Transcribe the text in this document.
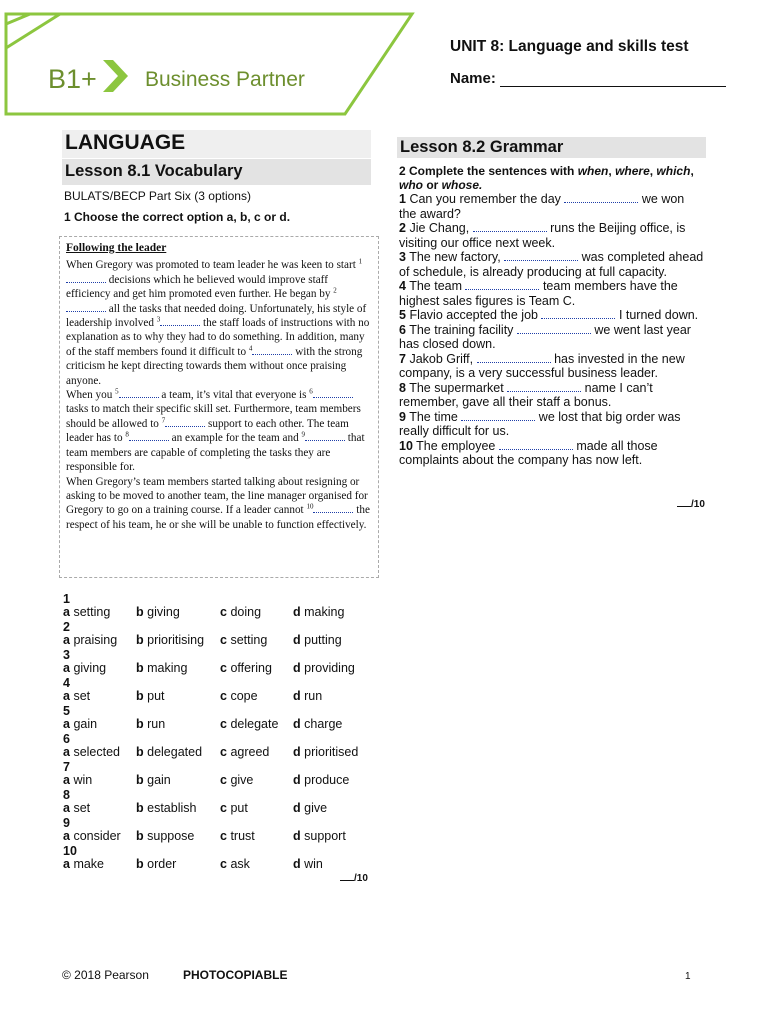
B1+ Business Partner
UNIT 8: Language and skills test
Name:
LANGUAGE
Lesson 8.1 Vocabulary
BULATS/BECP Part Six (3 options)
1 Choose the correct option a, b, c or d.
Following the leader
When Gregory was promoted to team leader he was keen to start $^1$ decisions which he believed would improve staff efficiency and get him promoted even further. He began by $^2$ all the tasks that needed doing. Unfortunately, his style of leadership involved $^3$	the staff loads of instructions with no explanation as to why they had to do something. In addition, many of the staff members found it difficult to $^4$	with the strong criticism he kept directing towards them without once praising anyone.
When you $^5$	a team, it’s vital that everyone is $^6$ tasks to match their specific skill set. Furthermore, team members should be allowed to $^7$	support to each other. The team leader has to $^8$	an example for the team and $^9$	that team members are capable of completing the tasks they are responsible for.
When Gregory’s team members started talking about resigning or asking to be moved to another team, the line manager organised for Gregory to go on a training course. If a leader cannot $^{10}$	the respect of his team, he or she will be unable to function effectively.
1
a setting b giving	c doing	d making
2
a praising b prioritising c setting d putting
3
a giving b making	c offering d providing
4
a set	b put	c cope	d run
5
a gain	b run	c delegate d charge
6
a selected b delegated c agreed d prioritised
7
a win	b gain	c give	d produce
8
a set	b establish c put	d give
9
a consider b suppose c trust	d support
10
a make	b order	c ask	d win
/10
Lesson 8.2 Grammar
2 Complete the sentences with when, where, which, who or whose.
1 Can you remember the day	we won the award?
2 Jie Chang,	runs the Beijing office, is visiting our office next week.
3 The new factory,	was completed ahead of schedule, is already producing at full capacity.
4 The team	team members have the highest sales figures is Team C.
5 Flavio accepted the job	I turned down.
6 The training facility	we went last year has closed down.
7 Jakob Griff,	has invested in the new company, is a very successful business leader.
8 The supermarket	name I can’t remember, gave all their staff a bonus.
9 The time	we lost that big order was really difficult for us.
10 The employee	made all those complaints about the company has now left.
/10
© 2018 Pearson	PHOTOCOPIABLE	1
